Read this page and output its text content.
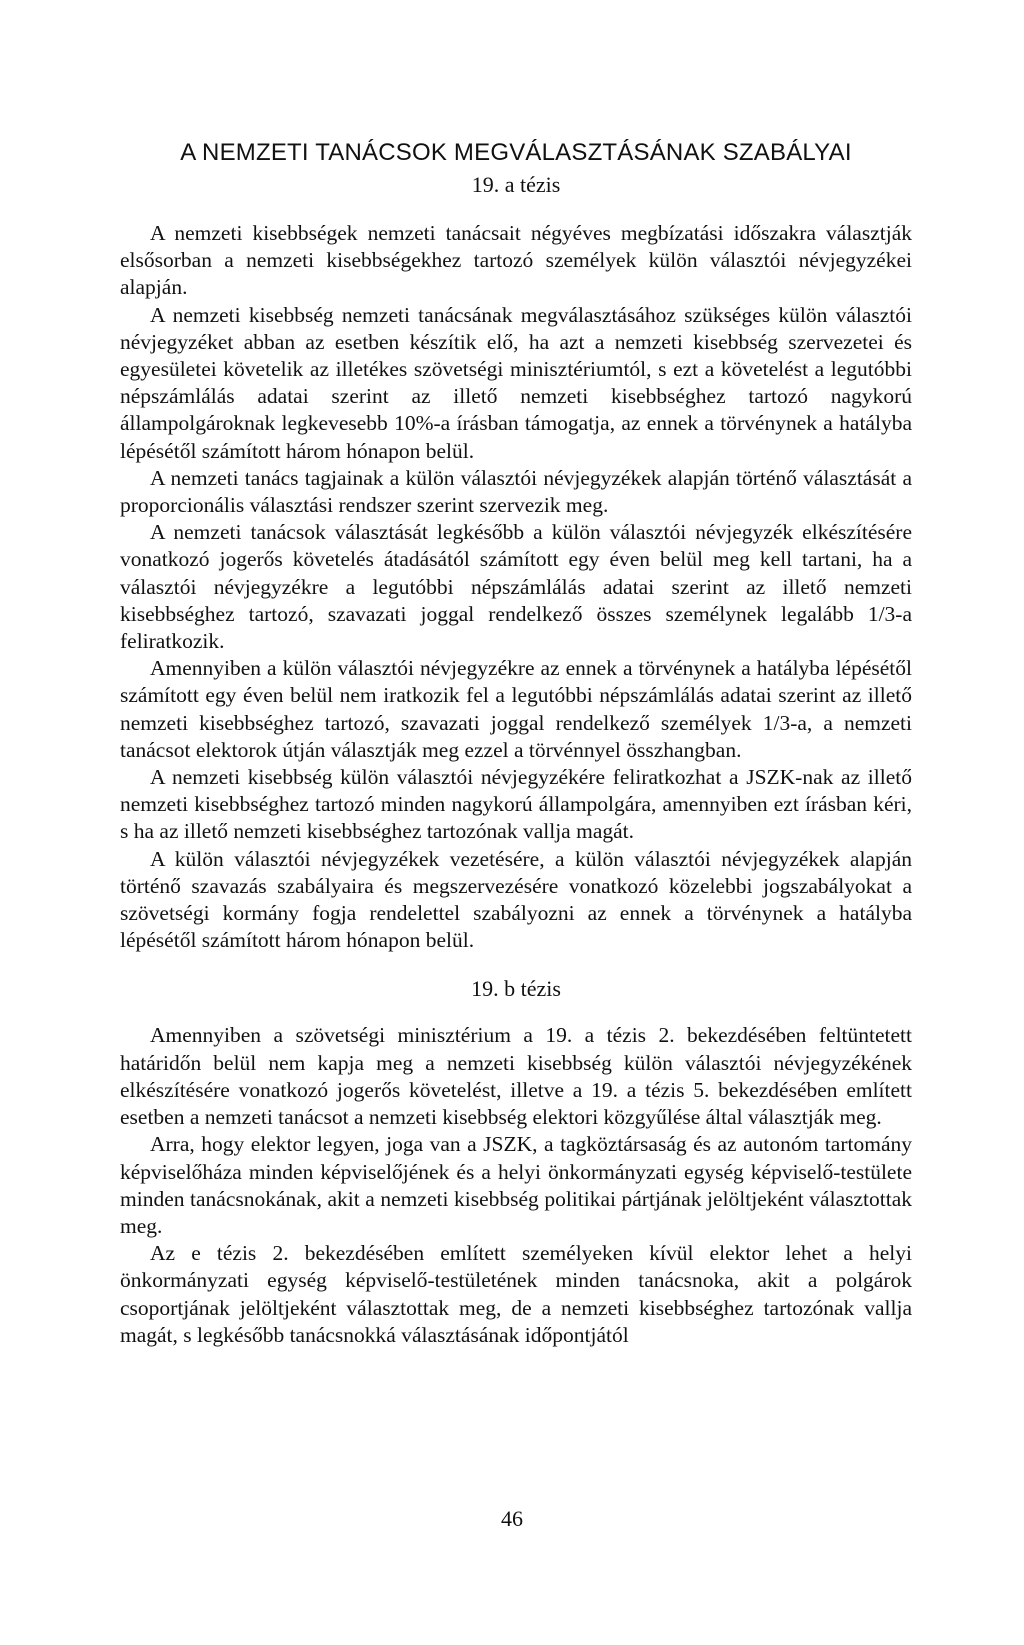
A NEMZETI TANÁCSOK MEGVÁLASZTÁSÁNAK SZABÁLYAI
19. a tézis

A nemzeti kisebbségek nemzeti tanácsait négyéves megbízatási időszakra választják elsősorban a nemzeti kisebbségekhez tartozó személyek külön választói névjegyzékei alapján.

A nemzeti kisebbség nemzeti tanácsának megválasztásához szükséges külön választói névjegyzéket abban az esetben készítik elő, ha azt a nemzeti kisebbség szervezetei és egyesületei követelik az illetékes szövetségi minisztériumtól, s ezt a követelést a legutóbbi népszámlálás adatai szerint az illető nemzeti kisebbséghez tartozó nagykorú állampolgároknak legkevesebb 10%-a írásban támogatja, az ennek a törvénynek a hatályba lépésétől számított három hónapon belül.

A nemzeti tanács tagjainak a külön választói névjegyzékek alapján történő választását a proporcionális választási rendszer szerint szervezik meg.

A nemzeti tanácsok választását legkésőbb a külön választói névjegyzék elkészítésére vonatkozó jogerős követelés átadásától számított egy éven belül meg kell tartani, ha a választói névjegyzékre a legutóbbi népszámlálás adatai szerint az illető nemzeti kisebbséghez tartozó, szavazati joggal rendelkező összes személynek legalább 1/3-a feliratkozik.

Amennyiben a külön választói névjegyzékre az ennek a törvénynek a hatályba lépésétől számított egy éven belül nem iratkozik fel a legutóbbi népszámlálás adatai szerint az illető nemzeti kisebbséghez tartozó, szavazati joggal rendelkező személyek 1/3-a, a nemzeti tanácsot elektorok útján választják meg ezzel a törvénnyel összhangban.

A nemzeti kisebbség külön választói névjegyzékére feliratkozhat a JSZK-nak az illető nemzeti kisebbséghez tartozó minden nagykorú állampolgára, amennyiben ezt írásban kéri, s ha az illető nemzeti kisebbséghez tartozónak vallja magát.

A külön választói névjegyzékek vezetésére, a külön választói névjegyzékek alapján történő szavazás szabályaira és megszervezésére vonatkozó közelebbi jogszabályokat a szövetségi kormány fogja rendelettel szabályozni az ennek a törvénynek a hatályba lépésétől számított három hónapon belül.

19. b tézis

Amennyiben a szövetségi minisztérium a 19. a tézis 2. bekezdésében feltüntetett határidőn belül nem kapja meg a nemzeti kisebbség külön választói névjegyzékének elkészítésére vonatkozó jogerős követelést, illetve a 19. a tézis 5. bekezdésében említett esetben a nemzeti tanácsot a nemzeti kisebbség elektori közgyűlése által választják meg.

Arra, hogy elektor legyen, joga van a JSZK, a tagköztársaság és az autonóm tartomány képviselőháza minden képviselőjének és a helyi önkormányzati egység képviselő-testülete minden tanácsnokának, akit a nemzeti kisebbség politikai pártjának jelöltjeként választottak meg.

Az e tézis 2. bekezdésében említett személyeken kívül elektor lehet a helyi önkormányzati egység képviselő-testületének minden tanácsnoka, akit a polgárok csoportjának jelöltjeként választottak meg, de a nemzeti kisebbséghez tartozónak vallja magát, s legkésőbb tanácsnokká választásának időpontjától

46
